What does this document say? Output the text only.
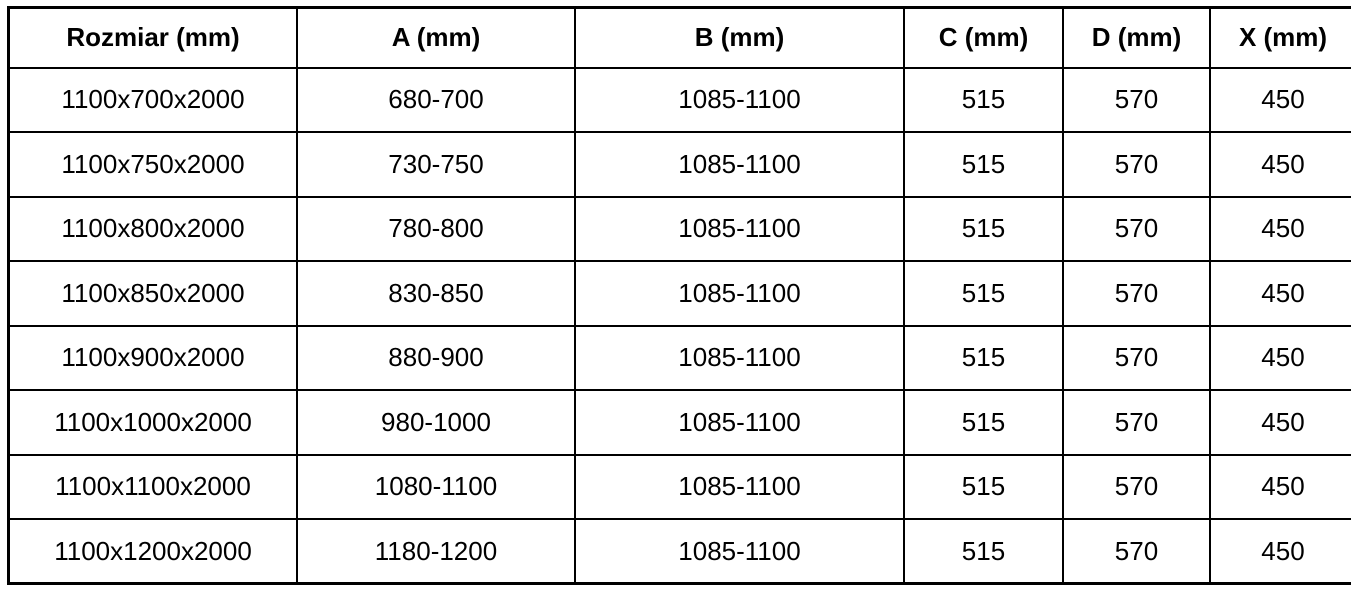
Rozmiar (mm)	A (mm)	B (mm)	C (mm)	D (mm)	X (mm)
1100x700x2000	680-700	1085-1100	515	570	450
1100x750x2000	730-750	1085-1100	515	570	450
1100x800x2000	780-800	1085-1100	515	570	450
1100x850x2000	830-850	1085-1100	515	570	450
1100x900x2000	880-900	1085-1100	515	570	450
1100x1000x2000	980-1000	1085-1100	515	570	450
1100x1100x2000	1080-1100	1085-1100	515	570	450
1100x1200x2000	1180-1200	1085-1100	515	570	450
